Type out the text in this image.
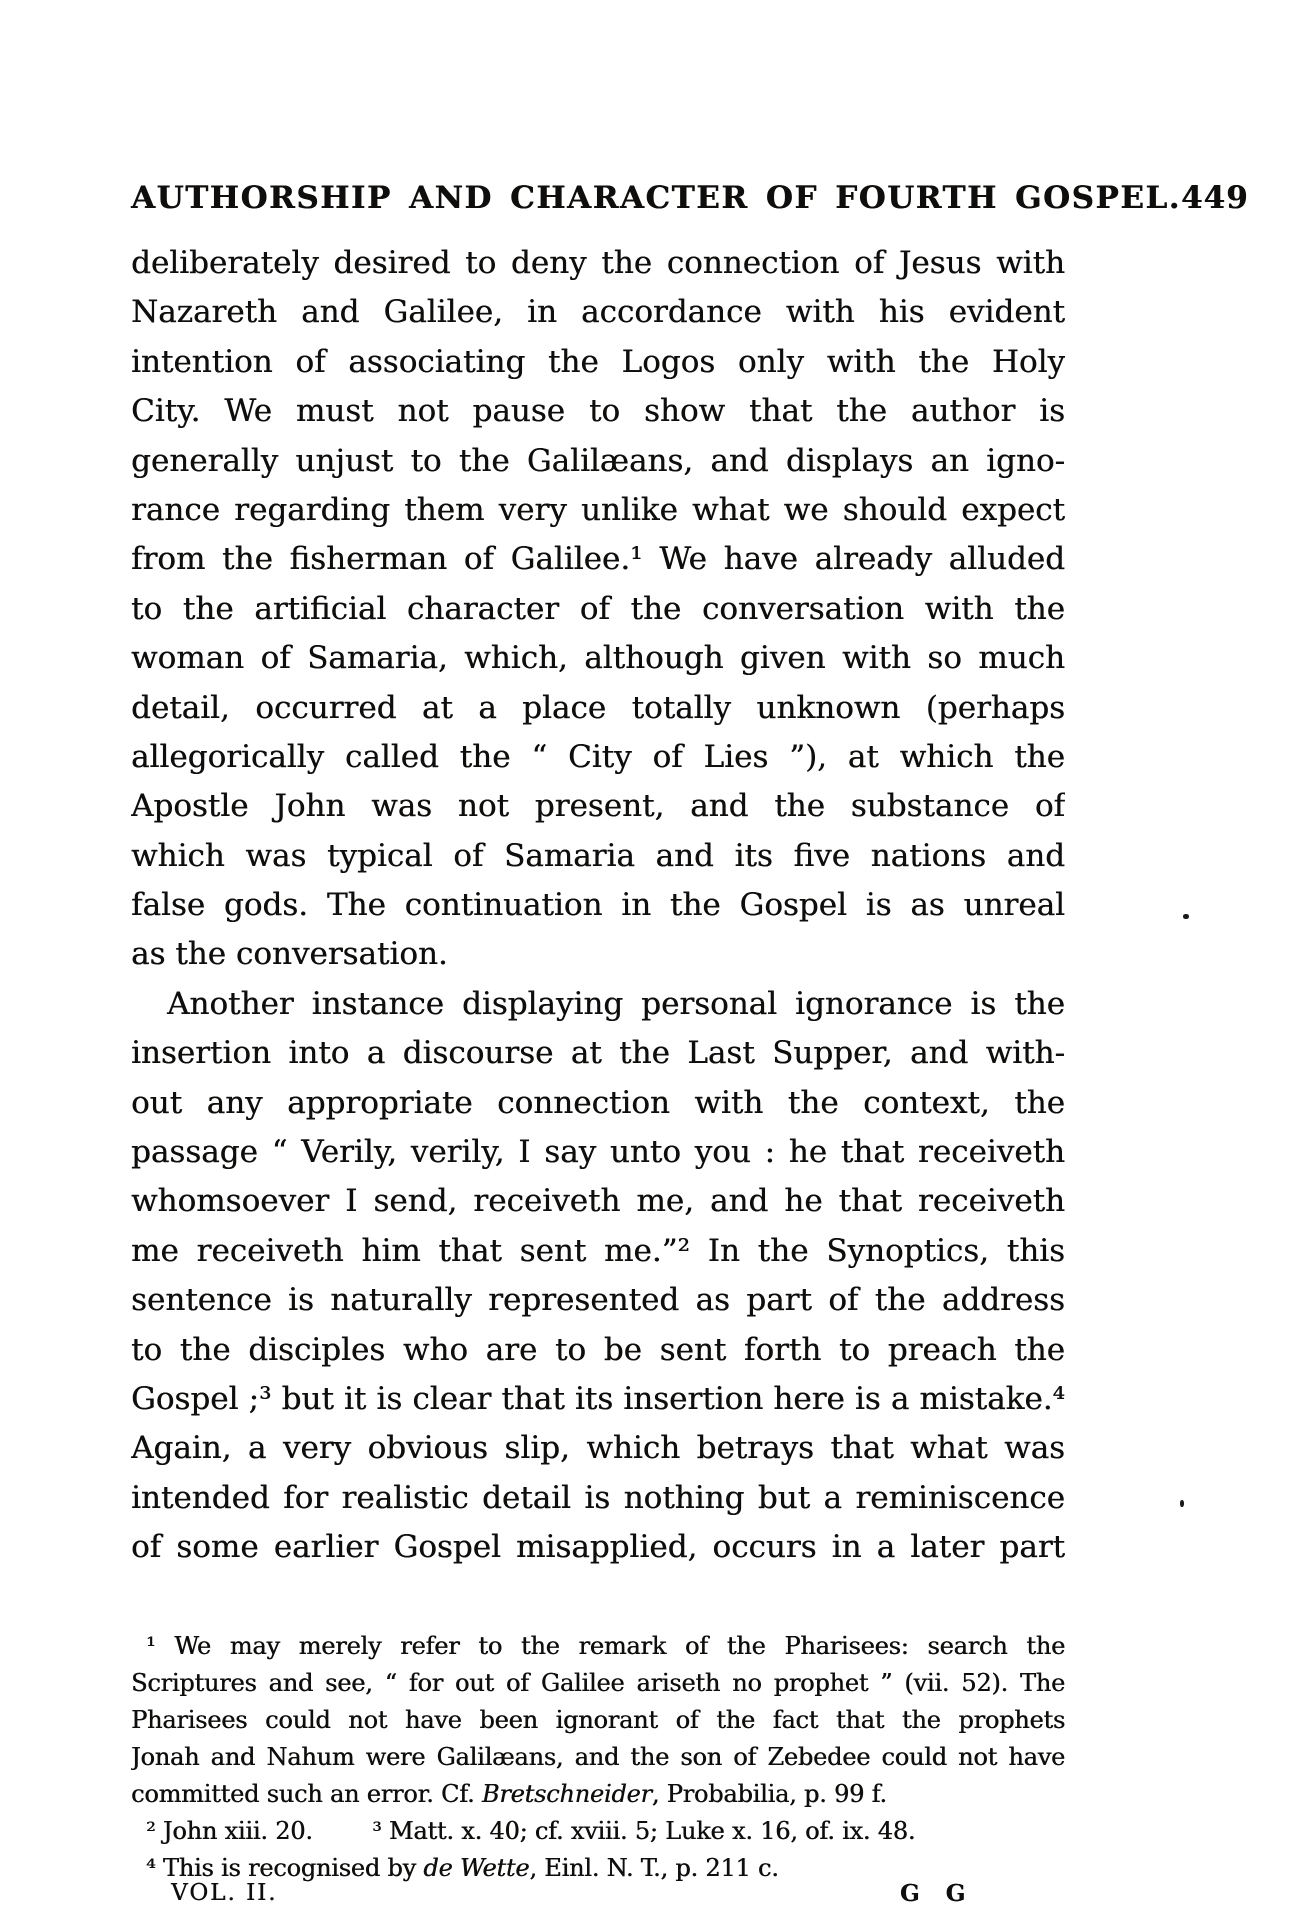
AUTHORSHIP AND CHARACTER OF FOURTH GOSPEL. 449
deliberately desired to deny the connection of Jesus with
Nazareth and Galilee, in accordance with his evident
intention of associating the Logos only with the Holy
City. We must not pause to show that the author is
generally unjust to the Galilæans, and displays an igno-
rance regarding them very unlike what we should expect
from the fisherman of Galilee.¹ We have already alluded
to the artificial character of the conversation with the
woman of Samaria, which, although given with so much
detail, occurred at a place totally unknown (perhaps
allegorically called the “ City of Lies ”), at which the
Apostle John was not present, and the substance of
which was typical of Samaria and its five nations and
false gods. The continuation in the Gospel is as unreal
as the conversation.
Another instance displaying personal ignorance is the
insertion into a discourse at the Last Supper, and with-
out any appropriate connection with the context, the
passage “ Verily, verily, I say unto you : he that receiveth
whomsoever I send, receiveth me, and he that receiveth
me receiveth him that sent me.”² In the Synoptics, this
sentence is naturally represented as part of the address
to the disciples who are to be sent forth to preach the
Gospel ;³ but it is clear that its insertion here is a mistake.⁴
Again, a very obvious slip, which betrays that what was
intended for realistic detail is nothing but a reminiscence
of some earlier Gospel misapplied, occurs in a later part
¹ We may merely refer to the remark of the Pharisees: search the
Scriptures and see, “ for out of Galilee ariseth no prophet ” (vii. 52). The
Pharisees could not have been ignorant of the fact that the prophets
Jonah and Nahum were Galilæans, and the son of Zebedee could not have
committed such an error. Cf. Bretschneider, Probabilia, p. 99 f.
² John xiii. 20.        ³ Matt. x. 40; cf. xviii. 5; Luke x. 16, of. ix. 48.
⁴ This is recognised by de Wette, Einl. N. T., p. 211 c.
VOL. II.	G G
